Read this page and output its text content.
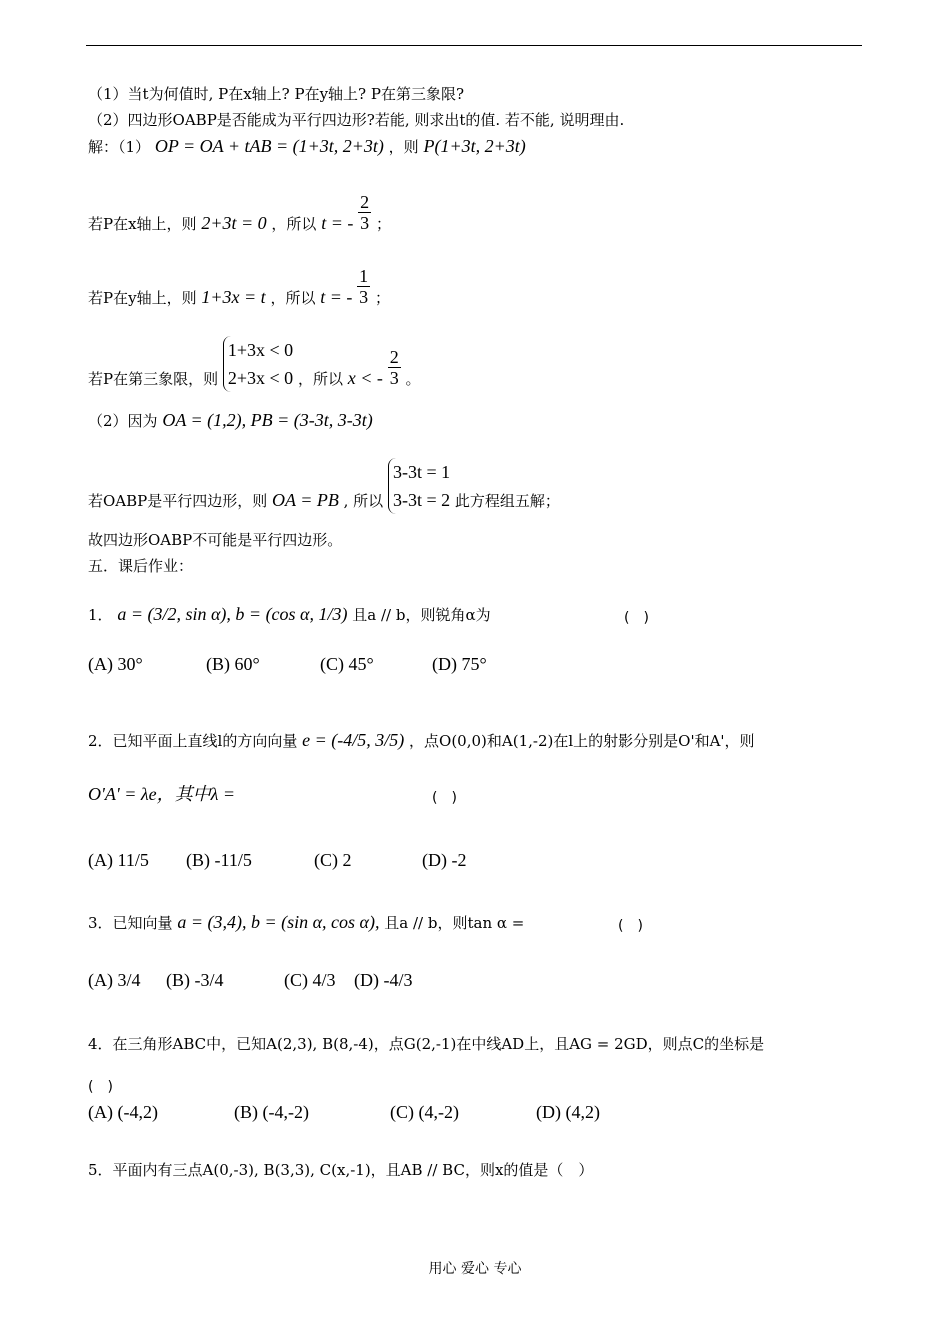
（1）当t为何值时, P在x轴上? P在y轴上? P在第三象限?
（2）四边形OABP是否能成为平行四边形?若能, 则求出t的值. 若不能, 说明理由.
解：（1） OP = OA + tAB = (1+3t, 2+3t) ，则 P(1+3t, 2+3t)
若P在x轴上，则 2+3t = 0 ，所以 t = - $\frac{2}{3}$ ；
若P在y轴上，则 1+3x = t ，所以 t = - $\frac{1}{3}$ ；
若P在第三象限，则 1+3x < 0
2+3x < 0 ，所以 x < - $\frac{2}{3}$ 。
（2）因为 OA = (1,2), PB = (3-3t, 3-3t)
若OABP是平行四边形，则 OA = PB , 所以 3-3t = 1
3-3t = 2 此方程组五解；
故四边形OABP不可能是平行四边形。
五．课后作业：
1． a = (3/2, sin α), b = (cos α, 1/3) 且a // b，则锐角α为	(　)
(A) 30°	(B) 60°	(C) 45°	(D) 75°
2．已知平面上直线l的方向向量 e = (-4/5, 3/5) ，点O(0,0)和A(1,-2)在l上的射影分别是O'和A'，则
O'A' = λe，其中λ =	(　)
(A) 11/5 (B) -11/5	(C) 2	(D) -2
3．已知向量 a = (3,4), b = (sin α, cos α), 且a // b，则tan α =	(　)
(A) 3/4 (B) -3/4	(C) 4/3 (D) -4/3
4．在三角形ABC中，已知A(2,3), B(8,-4)，点G(2,-1)在中线AD上，且AG = 2GD，则点C的坐标是
(　)
(A) (-4,2)	(B) (-4,-2)	(C) (4,-2)	(D) (4,2)
5．平面内有三点A(0,-3), B(3,3), C(x,-1)，且AB // BC，则x的值是（　）
用心 爱心 专心
